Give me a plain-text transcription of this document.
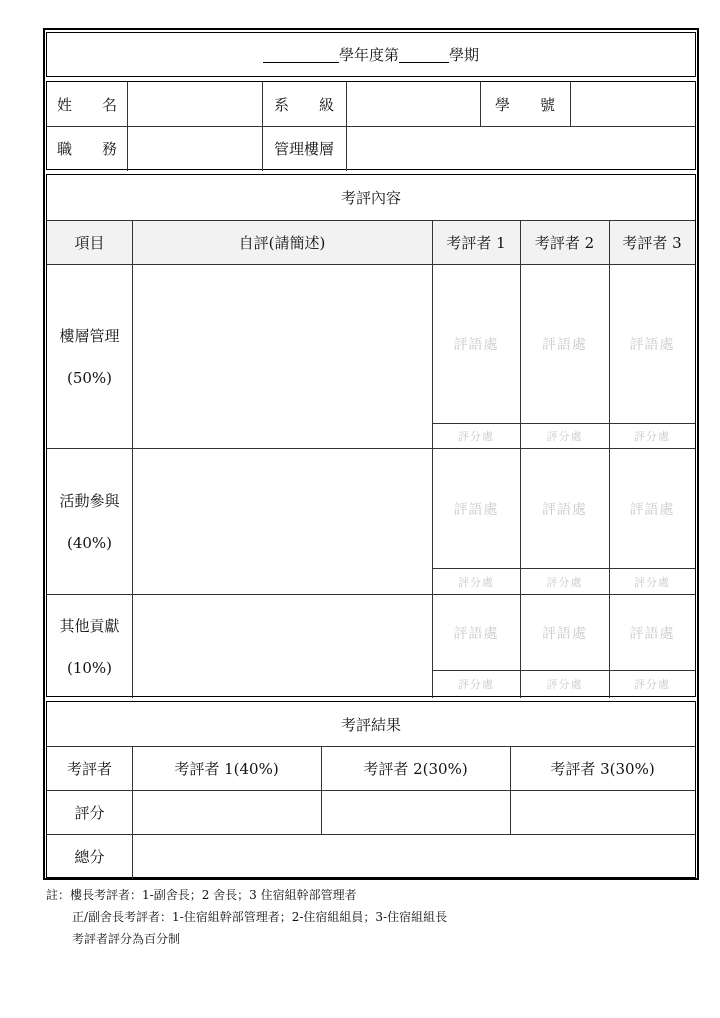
學年度第	學期
姓　　名	系　　級	學　　號
職　　務	管理樓層
考評內容
項目	自評(請簡述)	考評者 1	考評者 2	考評者 3
樓層管理
(50%)
評語處	評語處	評語處
評分處	評分處	評分處
活動參與
(40%)
評語處	評語處	評語處
評分處	評分處	評分處
其他貢獻
(10%)
評語處	評語處	評語處
評分處	評分處	評分處
考評結果
考評者	考評者 1(40%)	考評者 2(30%)	考評者 3(30%)
評分
總分
註：樓長考評者：1-副舍長；2 舍長；3 住宿組幹部管理者
正/副舍長考評者：1-住宿組幹部管理者；2-住宿組組員；3-住宿組組長
考評者評分為百分制
